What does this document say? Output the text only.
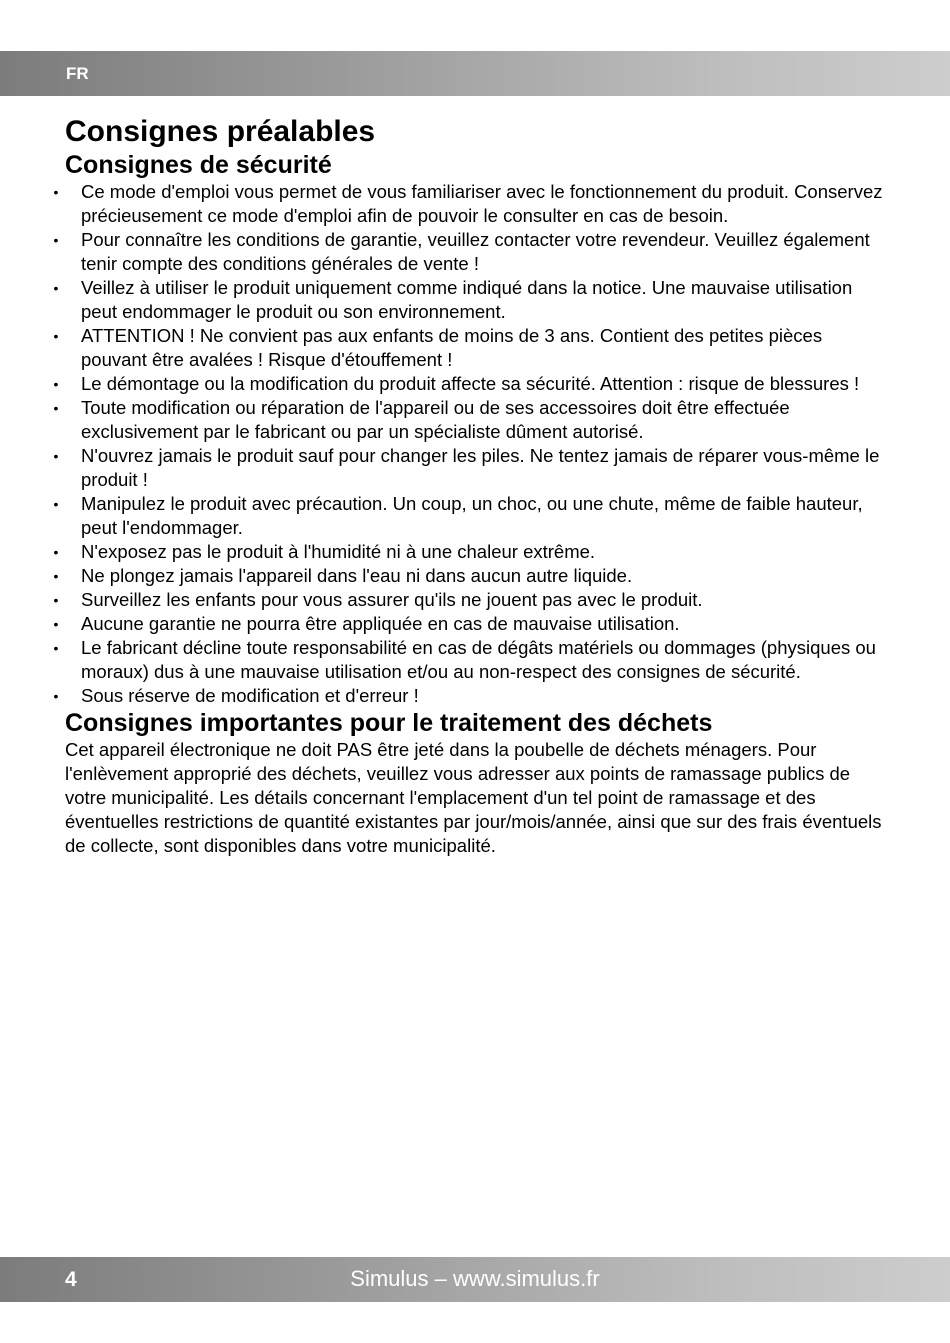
FR
Consignes préalables
Consignes de sécurité
• Ce mode d'emploi vous permet de vous familiariser avec le fonctionnement du produit. Conservez précieusement ce mode d'emploi afin de pouvoir le consulter en cas de besoin.
• Pour connaître les conditions de garantie, veuillez contacter votre revendeur. Veuillez également tenir compte des conditions générales de vente !
• Veillez à utiliser le produit uniquement comme indiqué dans la notice. Une mauvaise utilisation peut endommager le produit ou son environnement.
• ATTENTION ! Ne convient pas aux enfants de moins de 3 ans. Contient des petites pièces pouvant être avalées ! Risque d'étouffement !
• Le démontage ou la modification du produit affecte sa sécurité. Attention : risque de blessures !
• Toute modification ou réparation de l'appareil ou de ses accessoires doit être effectuée exclusivement par le fabricant ou par un spécialiste dûment autorisé.
• N'ouvrez jamais le produit sauf pour changer les piles. Ne tentez jamais de réparer vous-même le produit !
• Manipulez le produit avec précaution. Un coup, un choc, ou une chute, même de faible hauteur, peut l'endommager.
• N'exposez pas le produit à l'humidité ni à une chaleur extrême.
• Ne plongez jamais l'appareil dans l'eau ni dans aucun autre liquide.
• Surveillez les enfants pour vous assurer qu'ils ne jouent pas avec le produit.
• Aucune garantie ne pourra être appliquée en cas de mauvaise utilisation.
• Le fabricant décline toute responsabilité en cas de dégâts matériels ou dommages (physiques ou moraux) dus à une mauvaise utilisation et/ou au non-respect des consignes de sécurité.
• Sous réserve de modification et d'erreur !
Consignes importantes pour le traitement des déchets

Cet appareil électronique ne doit PAS être jeté dans la poubelle de déchets ménagers. Pour l'enlèvement approprié des déchets, veuillez vous adresser aux points de ramassage publics de votre municipalité. Les détails concernant l'emplacement d'un tel point de ramassage et des éventuelles restrictions de quantité existantes par jour/mois/année, ainsi que sur des frais éventuels de collecte, sont disponibles dans votre municipalité.

4	Simulus – www.simulus.fr
